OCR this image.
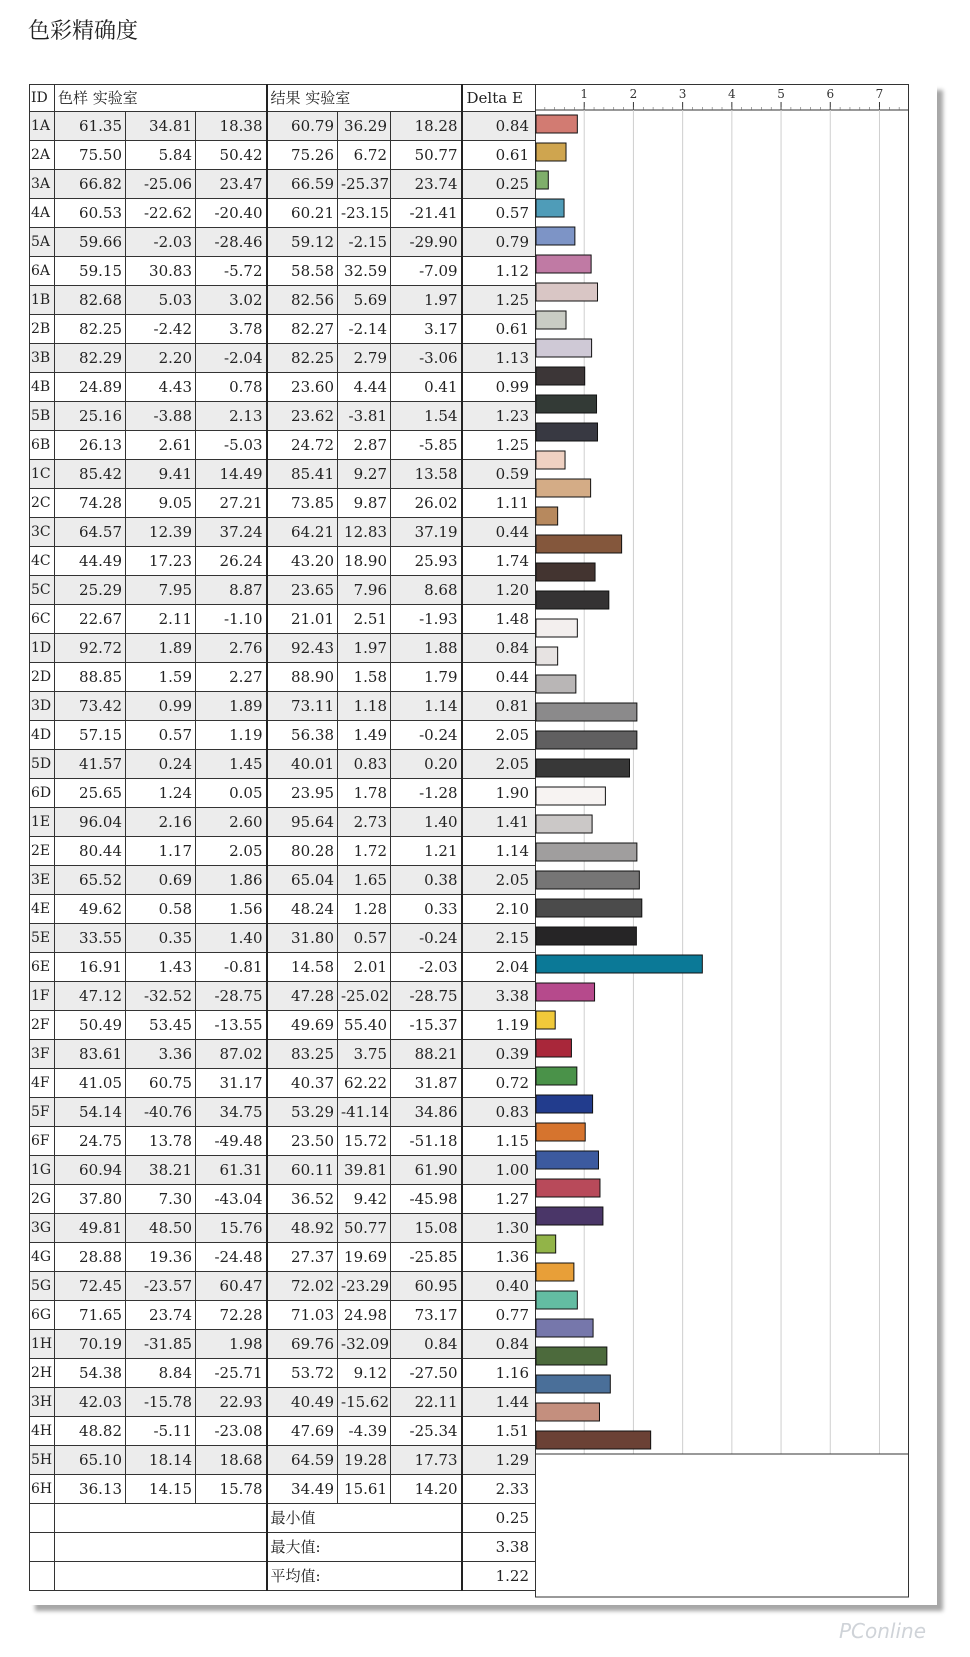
色彩精确度
ID	色样 实验室			结果 实验室			Delta E
1A	61.35	34.81	18.38	60.79	36.29	18.28	0.84
2A	75.50	5.84	50.42	75.26	6.72	50.77	0.61
3A	66.82	-25.06	23.47	66.59	-25.37	23.74	0.25
4A	60.53	-22.62	-20.40	60.21	-23.15	-21.41	0.57
5A	59.66	-2.03	-28.46	59.12	-2.15	-29.90	0.79
6A	59.15	30.83	-5.72	58.58	32.59	-7.09	1.12
1B	82.68	5.03	3.02	82.56	5.69	1.97	1.25
2B	82.25	-2.42	3.78	82.27	-2.14	3.17	0.61
3B	82.29	2.20	-2.04	82.25	2.79	-3.06	1.13
4B	24.89	4.43	0.78	23.60	4.44	0.41	0.99
5B	25.16	-3.88	2.13	23.62	-3.81	1.54	1.23
6B	26.13	2.61	-5.03	24.72	2.87	-5.85	1.25
1C	85.42	9.41	14.49	85.41	9.27	13.58	0.59
2C	74.28	9.05	27.21	73.85	9.87	26.02	1.11
3C	64.57	12.39	37.24	64.21	12.83	37.19	0.44
4C	44.49	17.23	26.24	43.20	18.90	25.93	1.74
5C	25.29	7.95	8.87	23.65	7.96	8.68	1.20
6C	22.67	2.11	-1.10	21.01	2.51	-1.93	1.48
1D	92.72	1.89	2.76	92.43	1.97	1.88	0.84
2D	88.85	1.59	2.27	88.90	1.58	1.79	0.44
3D	73.42	0.99	1.89	73.11	1.18	1.14	0.81
4D	57.15	0.57	1.19	56.38	1.49	-0.24	2.05
5D	41.57	0.24	1.45	40.01	0.83	0.20	2.05
6D	25.65	1.24	0.05	23.95	1.78	-1.28	1.90
1E	96.04	2.16	2.60	95.64	2.73	1.40	1.41
2E	80.44	1.17	2.05	80.28	1.72	1.21	1.14
3E	65.52	0.69	1.86	65.04	1.65	0.38	2.05
4E	49.62	0.58	1.56	48.24	1.28	0.33	2.10
5E	33.55	0.35	1.40	31.80	0.57	-0.24	2.15
6E	16.91	1.43	-0.81	14.58	2.01	-2.03	2.04
1F	47.12	-32.52	-28.75	47.28	-25.02	-28.75	3.38
2F	50.49	53.45	-13.55	49.69	55.40	-15.37	1.19
3F	83.61	3.36	87.02	83.25	3.75	88.21	0.39
4F	41.05	60.75	31.17	40.37	62.22	31.87	0.72
5F	54.14	-40.76	34.75	53.29	-41.14	34.86	0.83
6F	24.75	13.78	-49.48	23.50	15.72	-51.18	1.15
1G	60.94	38.21	61.31	60.11	39.81	61.90	1.00
2G	37.80	7.30	-43.04	36.52	9.42	-45.98	1.27
3G	49.81	48.50	15.76	48.92	50.77	15.08	1.30
4G	28.88	19.36	-24.48	27.37	19.69	-25.85	1.36
5G	72.45	-23.57	60.47	72.02	-23.29	60.95	0.40
6G	71.65	23.74	72.28	71.03	24.98	73.17	0.77
1H	70.19	-31.85	1.98	69.76	-32.09	0.84	0.84
2H	54.38	8.84	-25.71	53.72	9.12	-27.50	1.16
3H	42.03	-15.78	22.93	40.49	-15.62	22.11	1.44
4H	48.82	-5.11	-23.08	47.69	-4.39	-25.34	1.51
5H	65.10	18.14	18.68	64.59	19.28	17.73	1.29
6H	36.13	14.15	15.78	34.49	15.61	14.20	2.33
				最小值			0.25
				最大值:			3.38
				平均值:			1.22
1	2	3	4	5	6	7
PConline
